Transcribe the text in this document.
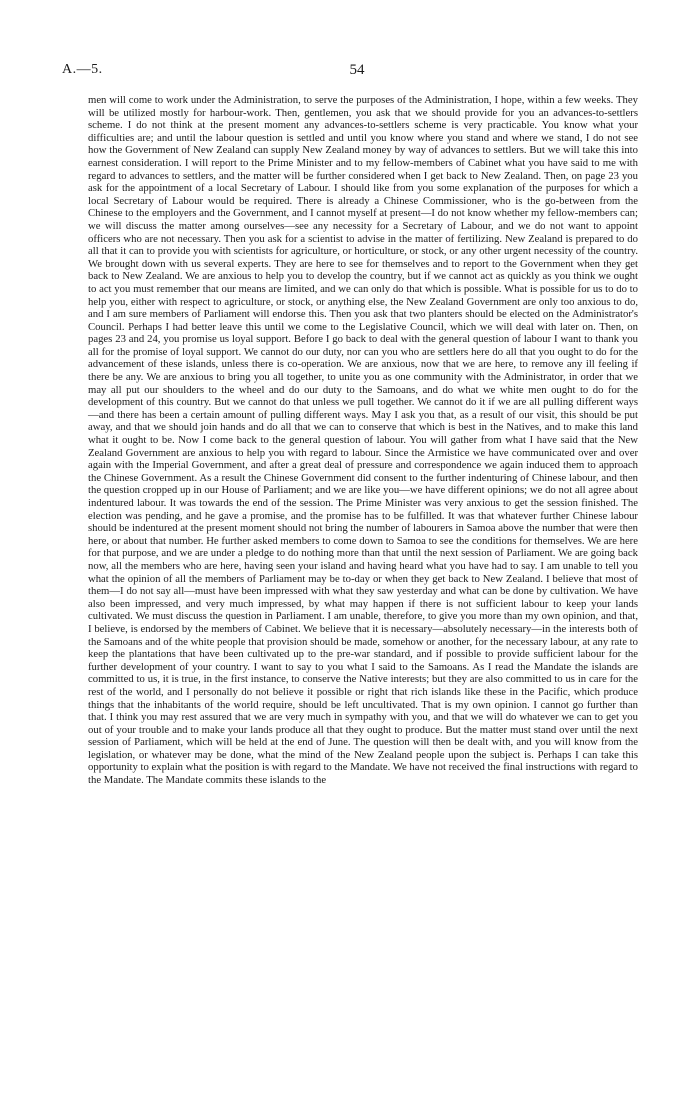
A.—5.	54

men will come to work under the Administration, to serve the purposes of the Administration, I hope, within a few weeks. They will be utilized mostly for harbour-work. Then, gentlemen, you ask that we should provide for you an advances-to-settlers scheme. I do not think at the present moment any advances-to-settlers scheme is very practicable. You know what your difficulties are; and until the labour question is settled and until you know where you stand and where we stand, I do not see how the Government of New Zealand can supply New Zealand money by way of advances to settlers. But we will take this into earnest consideration. I will report to the Prime Minister and to my fellow-members of Cabinet what you have said to me with regard to advances to settlers, and the matter will be further considered when I get back to New Zealand. Then, on page 23 you ask for the appointment of a local Secretary of Labour. I should like from you some explanation of the purposes for which a local Secretary of Labour would be required. There is already a Chinese Commissioner, who is the go-between from the Chinese to the employers and the Government, and I cannot myself at present—I do not know whether my fellow-members can; we will discuss the matter among ourselves—see any necessity for a Secretary of Labour, and we do not want to appoint officers who are not necessary. Then you ask for a scientist to advise in the matter of fertilizing. New Zealand is prepared to do all that it can to provide you with scientists for agriculture, or horticulture, or stock, or any other urgent necessity of the country. We brought down with us several experts. They are here to see for themselves and to report to the Government when they get back to New Zealand. We are anxious to help you to develop the country, but if we cannot act as quickly as you think we ought to act you must remember that our means are limited, and we can only do that which is possible. What is possible for us to do to help you, either with respect to agriculture, or stock, or anything else, the New Zealand Government are only too anxious to do, and I am sure members of Parliament will endorse this. Then you ask that two planters should be elected on the Administrator's Council. Perhaps I had better leave this until we come to the Legislative Council, which we will deal with later on. Then, on pages 23 and 24, you promise us loyal support. Before I go back to deal with the general question of labour I want to thank you all for the promise of loyal support. We cannot do our duty, nor can you who are settlers here do all that you ought to do for the advancement of these islands, unless there is co-operation. We are anxious, now that we are here, to remove any ill feeling if there be any. We are anxious to bring you all together, to unite you as one community with the Administrator, in order that we may all put our shoulders to the wheel and do our duty to the Samoans, and do what we white men ought to do for the development of this country. But we cannot do that unless we pull together. We cannot do it if we are all pulling different ways—and there has been a certain amount of pulling different ways. May I ask you that, as a result of our visit, this should be put away, and that we should join hands and do all that we can to conserve that which is best in the Natives, and to make this land what it ought to be. Now I come back to the general question of labour. You will gather from what I have said that the New Zealand Government are anxious to help you with regard to labour. Since the Armistice we have communicated over and over again with the Imperial Government, and after a great deal of pressure and correspondence we again induced them to approach the Chinese Government. As a result the Chinese Government did consent to the further indenturing of Chinese labour, and then the question cropped up in our House of Parliament; and we are like you—we have different opinions; we do not all agree about indentured labour. It was towards the end of the session. The Prime Minister was very anxious to get the session finished. The election was pending, and he gave a promise, and the promise has to be fulfilled. It was that whatever further Chinese labour should be indentured at the present moment should not bring the number of labourers in Samoa above the number that were then here, or about that number. He further asked members to come down to Samoa to see the conditions for themselves. We are here for that purpose, and we are under a pledge to do nothing more than that until the next session of Parliament. We are going back now, all the members who are here, having seen your island and having heard what you have had to say. I am unable to tell you what the opinion of all the members of Parliament may be to-day or when they get back to New Zealand. I believe that most of them—I do not say all—must have been impressed with what they saw yesterday and what can be done by cultivation. We have also been impressed, and very much impressed, by what may happen if there is not sufficient labour to keep your lands cultivated. We must discuss the question in Parliament. I am unable, therefore, to give you more than my own opinion, and that, I believe, is endorsed by the members of Cabinet. We believe that it is necessary—absolutely necessary—in the interests both of the Samoans and of the white people that provision should be made, somehow or another, for the necessary labour, at any rate to keep the plantations that have been cultivated up to the pre-war standard, and if possible to provide sufficient labour for the further development of your country. I want to say to you what I said to the Samoans. As I read the Mandate the islands are committed to us, it is true, in the first instance, to conserve the Native interests; but they are also committed to us in care for the rest of the world, and I personally do not believe it possible or right that rich islands like these in the Pacific, which produce things that the inhabitants of the world require, should be left uncultivated. That is my own opinion. I cannot go further than that. I think you may rest assured that we are very much in sympathy with you, and that we will do whatever we can to get you out of your trouble and to make your lands produce all that they ought to produce. But the matter must stand over until the next session of Parliament, which will be held at the end of June. The question will then be dealt with, and you will know from the legislation, or whatever may be done, what the mind of the New Zealand people upon the subject is. Perhaps I can take this opportunity to explain what the position is with regard to the Mandate. We have not received the final instructions with regard to the Mandate. The Mandate commits these islands to the
